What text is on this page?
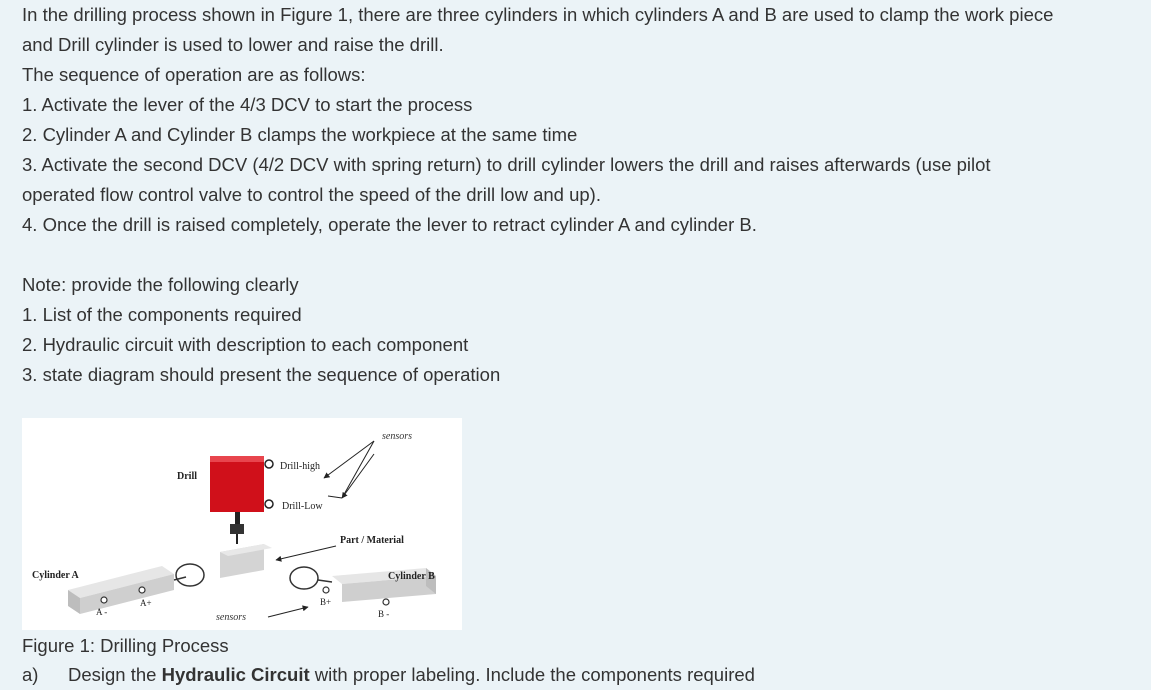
In the drilling process shown in Figure 1, there are three cylinders in which cylinders A and B are used to clamp the work piece
and Drill cylinder is used to lower and raise the drill.
The sequence of operation are as follows:
1. Activate the lever of the 4/3 DCV to start the process
2. Cylinder A and Cylinder B clamps the workpiece at the same time
3. Activate the second DCV (4/2 DCV with spring return) to drill cylinder lowers the drill and raises afterwards (use pilot
operated flow control valve to control the speed of the drill low and up).
4. Once the drill is raised completely, operate the lever to retract cylinder A and cylinder B.
Note: provide the following clearly
1. List of the components required
2. Hydraulic circuit with description to each component
3. state diagram should present the sequence of operation
sensors
Drill
Drill-high
Drill-Low
Part / Material
Cylinder A	Cylinder B
A+
A -
B+
B -
sensors
Figure 1: Drilling Process
a) Design the Hydraulic Circuit with proper labeling. Include the components required
